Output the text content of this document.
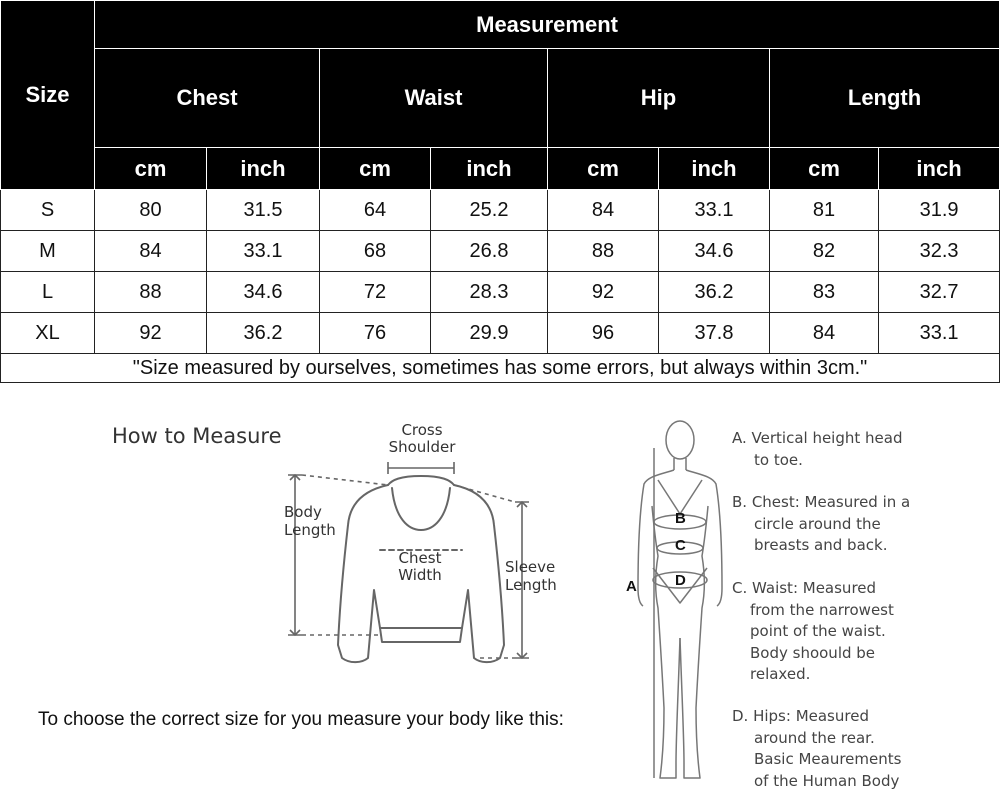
Size	Measurement							
	Chest		Waist		Hip		Length	
	cm	inch	cm	inch	cm	inch	cm	inch
S	80	31.5	64	25.2	84	33.1	81	31.9
M	84	33.1	68	26.8	88	34.6	82	32.3
L	88	34.6	72	28.3	92	36.2	83	32.7
XL	92	36.2	76	29.9	96	37.8	84	33.1
"Size measured by ourselves, sometimes has some errors, but always within 3cm."								
How to Measure
To choose the correct size for you measure your body like this:
Cross
Shoulder
Body
Length
Chest
Width	Sleeve
Length
B
C
D
A
A. Vertical height head
to toe.
B. Chest: Measured in a
circle around the
breasts and back.
C. Waist: Measured
from the narrowest
point of the waist.
Body shoould be
relaxed.
D. Hips: Measured
around the rear.
Basic Meaurements
of the Human Body
